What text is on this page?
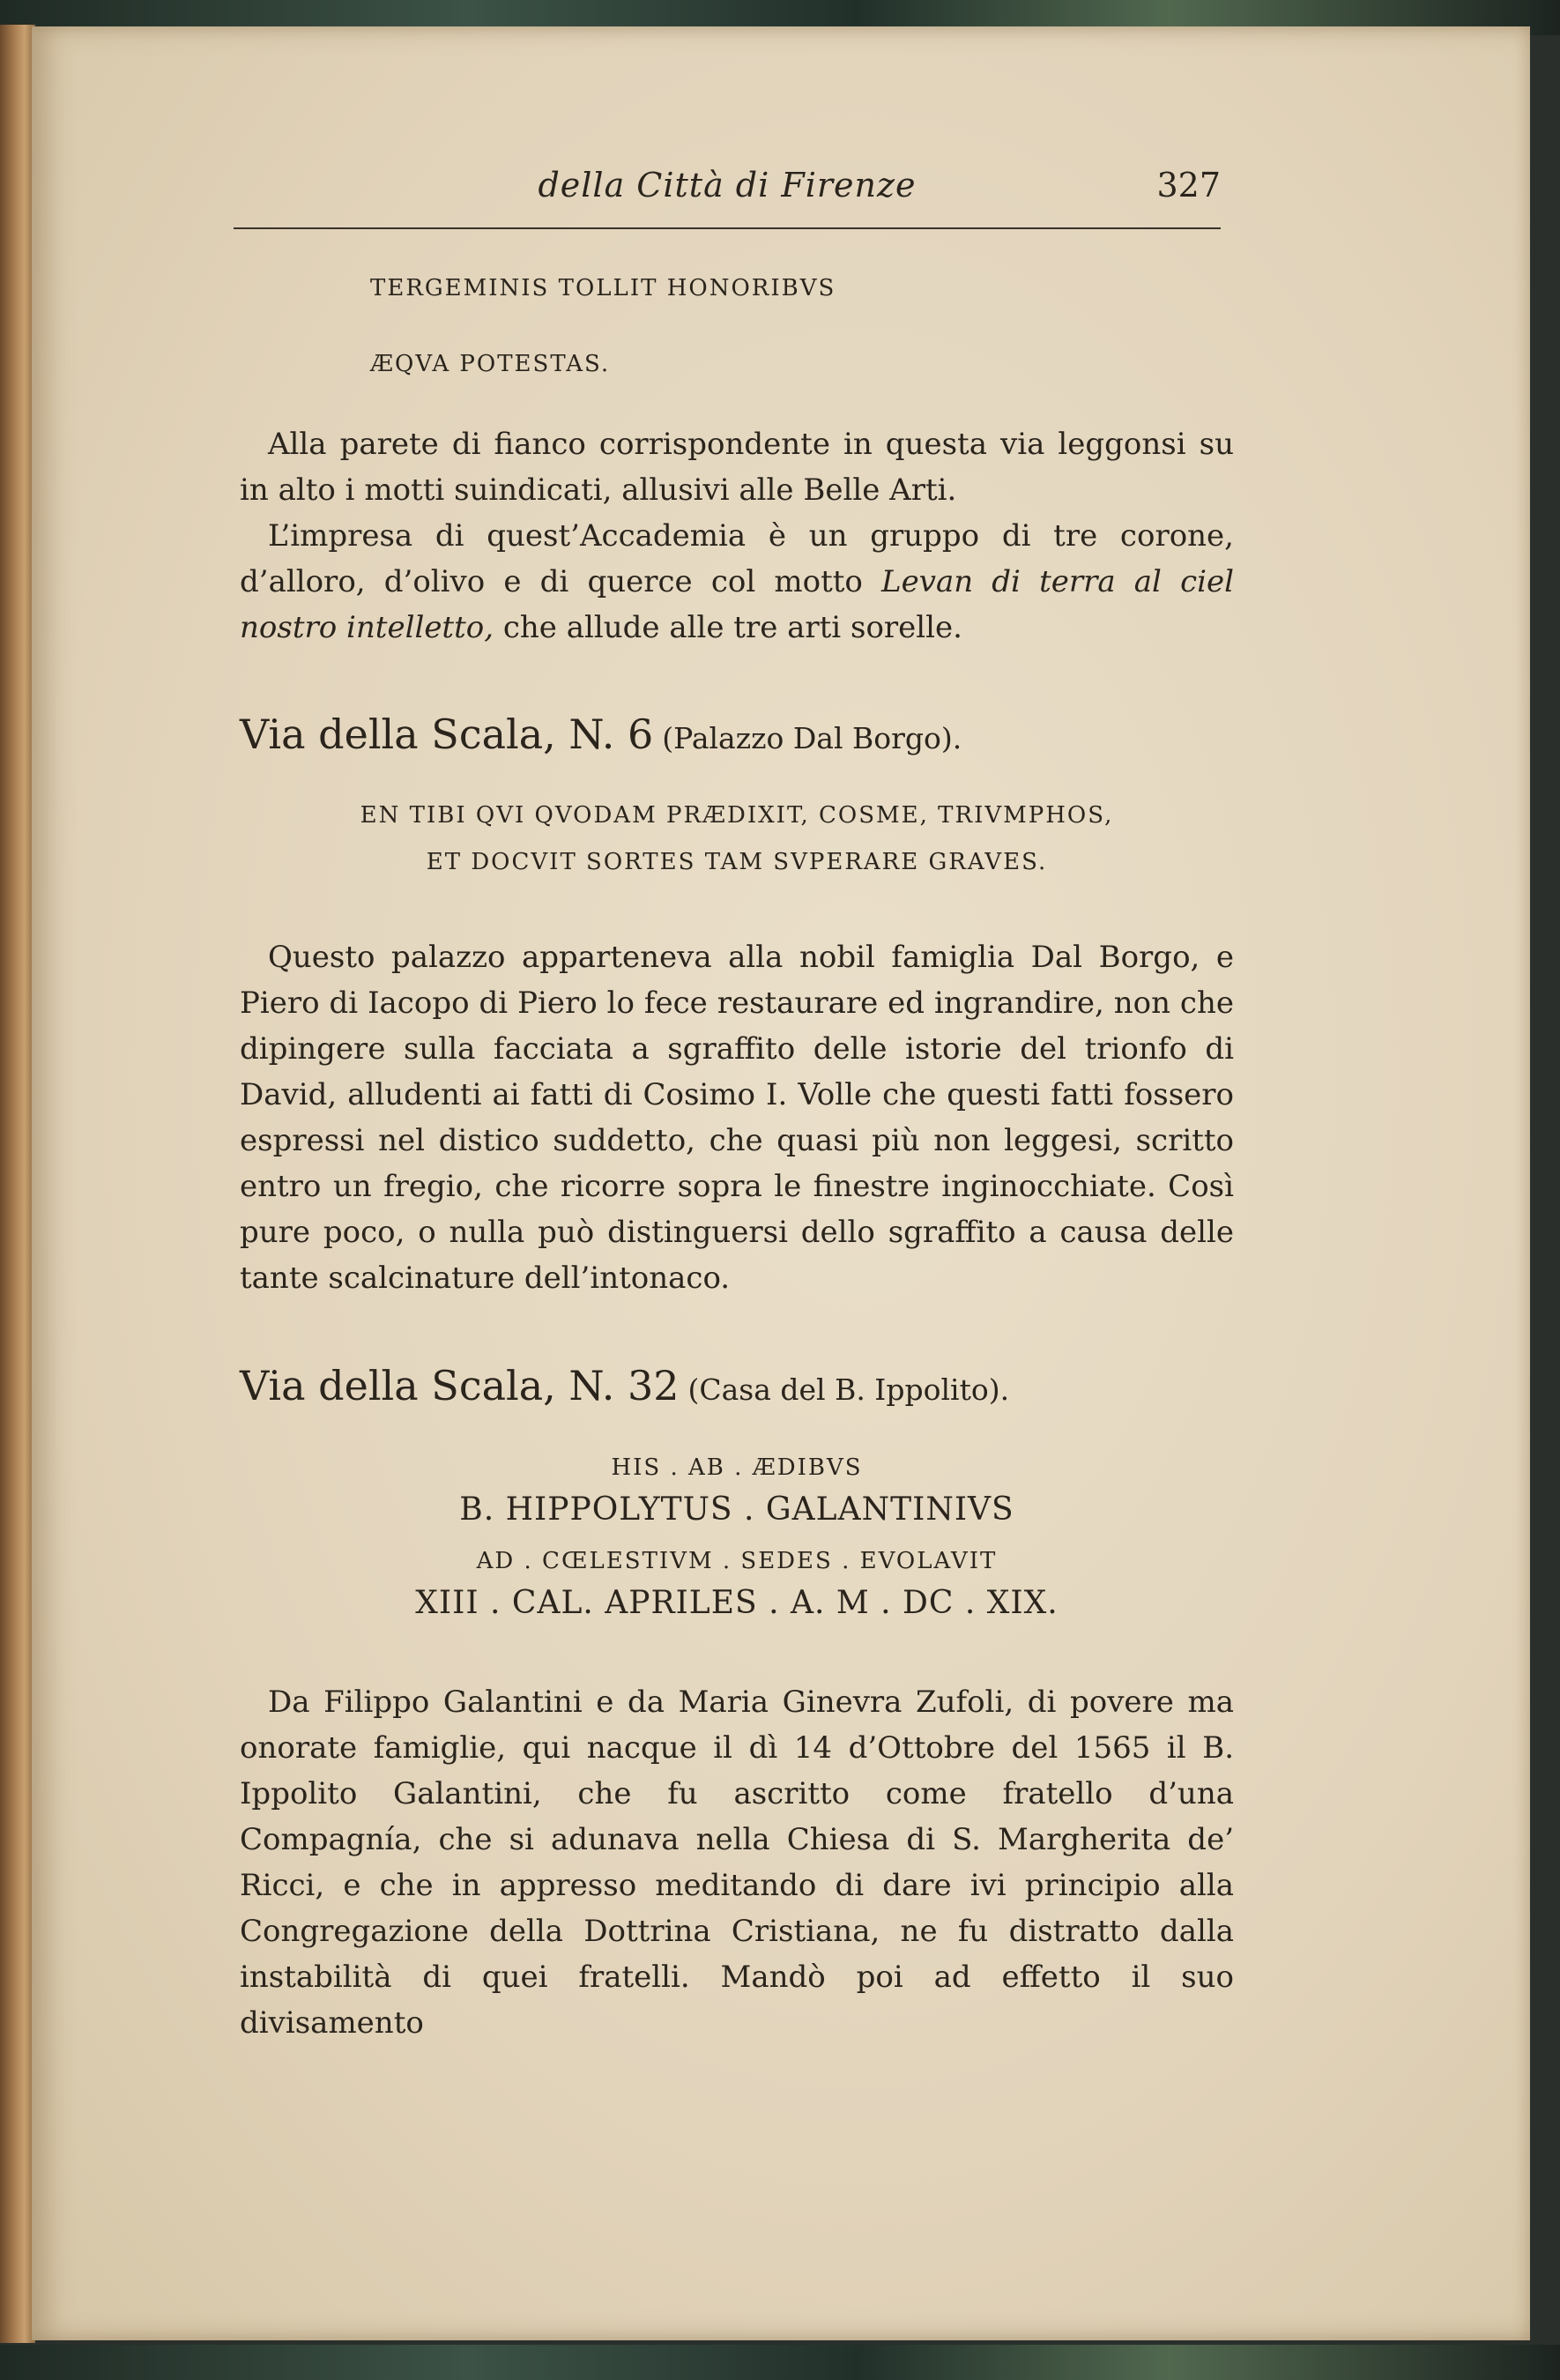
della Città di Firenze	327
TERGEMINIS TOLLIT HONORIBVS
ÆQVA POTESTAS.
Alla parete di fianco corrispondente in questa via leggonsi su in alto i motti suindicati, allusivi alle Belle Arti.
L’impresa di quest’Accademia è un gruppo di tre corone, d’alloro, d’olivo e di querce col motto Levan di terra al ciel nostro intelletto, che allude alle tre arti sorelle.
Via della Scala, N. 6 (Palazzo Dal Borgo).
EN TIBI QVI QVODAM PRÆDIXIT, COSME, TRIVMPHOS,
ET DOCVIT SORTES TAM SVPERARE GRAVES.
Questo palazzo apparteneva alla nobil famiglia Dal Borgo, e Piero di Iacopo di Piero lo fece restaurare ed ingrandire, non che dipingere sulla facciata a sgraffito delle istorie del trionfo di David, alludenti ai fatti di Cosimo I. Volle che questi fatti fossero espressi nel distico suddetto, che quasi più non leggesi, scritto entro un fregio, che ricorre sopra le finestre inginocchiate. Così pure poco, o nulla può distinguersi dello sgraffito a causa delle tante scalcinature dell’intonaco.
Via della Scala, N. 32 (Casa del B. Ippolito).
HIS . AB . ÆDIBVS
B. HIPPOLYTUS . GALANTINIVS
AD . CŒLESTIVM . SEDES . EVOLAVIT
XIII . CAL. APRILES . A. M . DC . XIX.
Da Filippo Galantini e da Maria Ginevra Zufoli, di povere ma onorate famiglie, qui nacque il dì 14 d’Ottobre del 1565 il B. Ippolito Galantini, che fu ascritto come fratello d’una Compagnía, che si adunava nella Chiesa di S. Margherita de’ Ricci, e che in appresso meditando di dare ivi principio alla Congregazione della Dottrina Cristiana, ne fu distratto dalla instabilità di quei fratelli. Mandò poi ad effetto il suo divisamento
